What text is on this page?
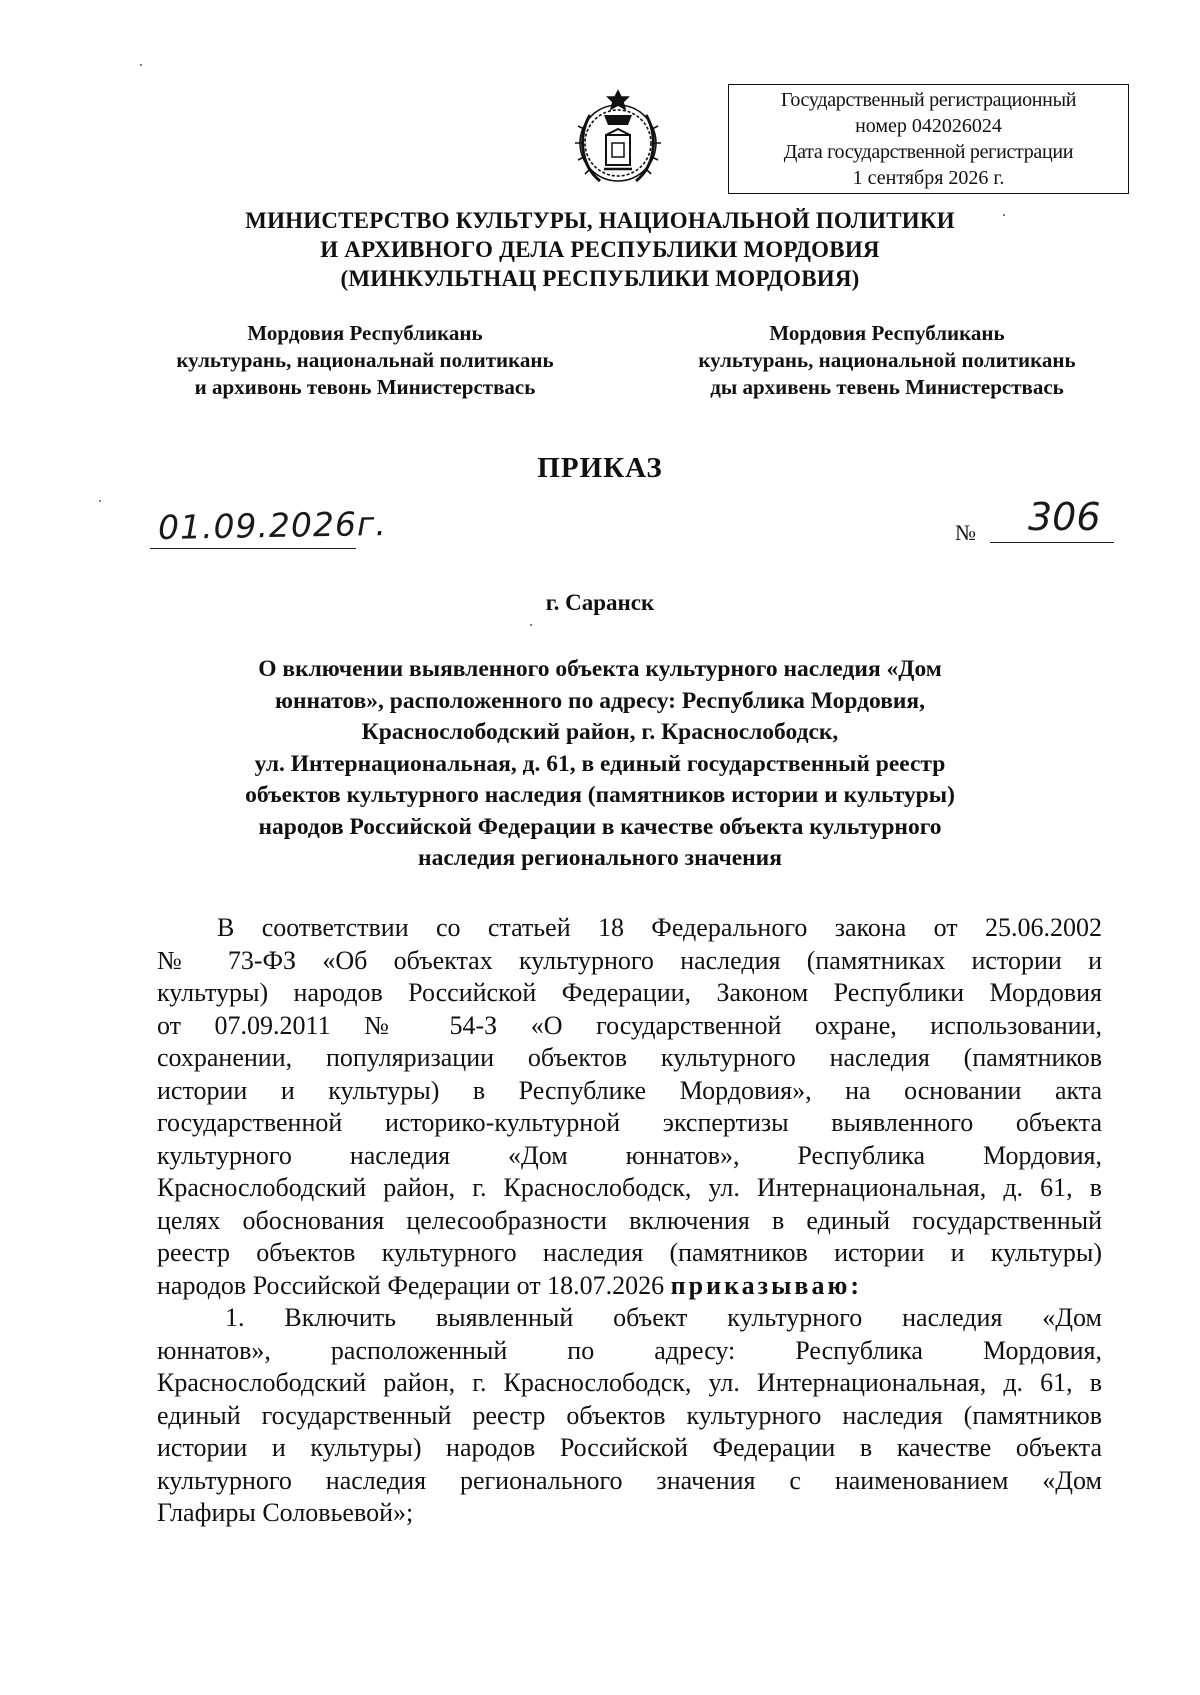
Государственный регистрационный
номер 042026024
Дата государственной регистрации
1 сентября 2026 г.
МИНИСТЕРСТВО КУЛЬТУРЫ, НАЦИОНАЛЬНОЙ ПОЛИТИКИ
И АРХИВНОГО ДЕЛА РЕСПУБЛИКИ МОРДОВИЯ
(МИНКУЛЬТНАЦ РЕСПУБЛИКИ МОРДОВИЯ)
Мордовия Республикань
культурань, национальнай политикань
и архивонь тевонь Министерствась
Мордовия Республикань
культурань, национальной политикань
ды архивень тевень Министерствась
ПРИКАЗ
01.09.2026г.	№ 306
г. Саранск
О включении выявленного объекта культурного наследия «Дом
юннатов», расположенного по адресу: Республика Мордовия,
Краснослободский район, г. Краснослободск,
ул. Интернациональная, д. 61, в единый государственный реестр
объектов культурного наследия (памятников истории и культуры)
народов Российской Федерации в качестве объекта культурного
наследия регионального значения
В соответствии со статьей 18 Федерального закона от 25.06.2002
№ 73-ФЗ «Об объектах культурного наследия (памятниках истории и
культуры) народов Российской Федерации, Законом Республики Мордовия
от 07.09.2011 № 54-З «О государственной охране, использовании,
сохранении, популяризации объектов культурного наследия (памятников
истории и культуры) в Республике Мордовия», на основании акта
государственной историко-культурной экспертизы выявленного объекта
культурного наследия «Дом юннатов», Республика Мордовия,
Краснослободский район, г. Краснослободск, ул. Интернациональная, д. 61, в
целях обоснования целесообразности включения в единый государственный
реестр объектов культурного наследия (памятников истории и культуры)
народов Российской Федерации от 18.07.2026 приказываю:
1. Включить выявленный объект культурного наследия «Дом
юннатов», расположенный по адресу: Республика Мордовия,
Краснослободский район, г. Краснослободск, ул. Интернациональная, д. 61, в
единый государственный реестр объектов культурного наследия (памятников
истории и культуры) народов Российской Федерации в качестве объекта
культурного наследия регионального значения с наименованием «Дом
Глафиры Соловьевой»;
